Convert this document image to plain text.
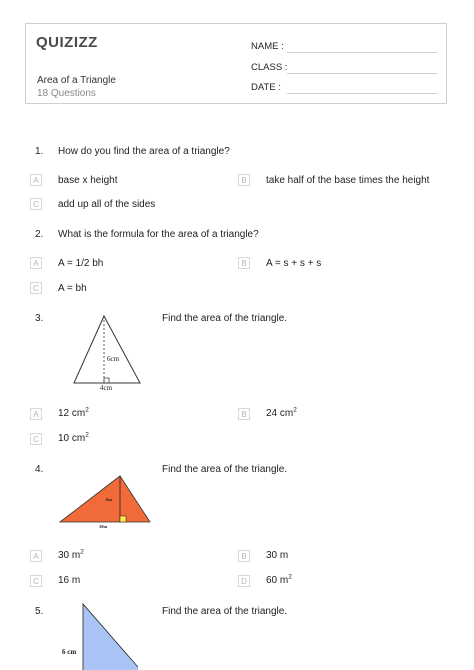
QUIZIZZ
Area of a Triangle
18 Questions
NAME :
CLASS :
DATE :
1. How do you find the area of a triangle?
A	base x height	B	take half of the base times the height
C	add up all of the sides
2. What is the formula for the area of a triangle?
A	A = 1/2 bh	B	A = s + s + s
C	A = bh
3.	Find the area of the triangle.
6cm
4cm
A	12 $cm^2$	B	24 $cm^2$
C	10 $cm^2$
4.	Find the area of the triangle.
6m
10m
A	30 $m^2$	B	30 m
C	16 m	D	60 $m^2$
5.	Find the area of the triangle.
6 cm
